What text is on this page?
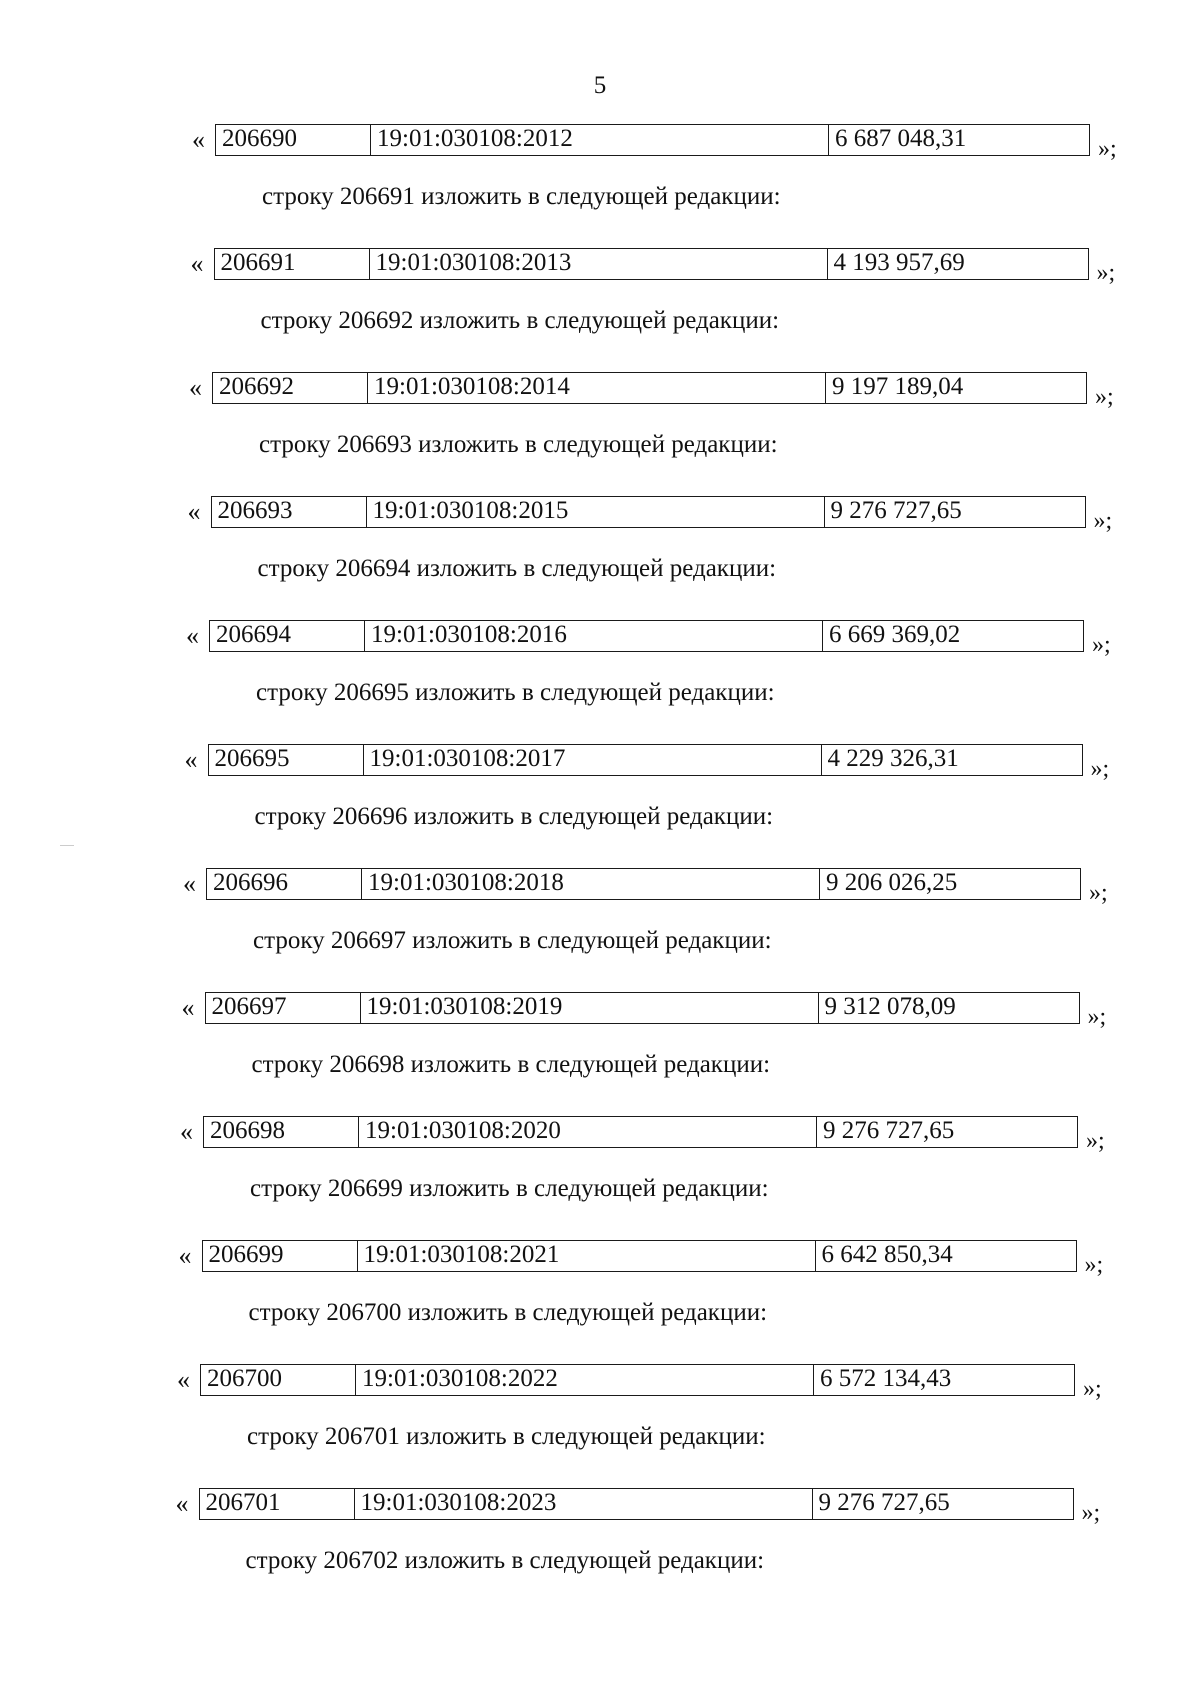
5
« 206690	19:01:030108:2012	6 687 048,31	»;
строку 206691 изложить в следующей редакции:
« 206691	19:01:030108:2013	4 193 957,69	»;
строку 206692 изложить в следующей редакции:
« 206692	19:01:030108:2014	9 197 189,04	»;
строку 206693 изложить в следующей редакции:
« 206693	19:01:030108:2015	9 276 727,65	»;
строку 206694 изложить в следующей редакции:
« 206694	19:01:030108:2016	6 669 369,02	»;
строку 206695 изложить в следующей редакции:
« 206695	19:01:030108:2017	4 229 326,31	»;
строку 206696 изложить в следующей редакции:
« 206696	19:01:030108:2018	9 206 026,25	»;
строку 206697 изложить в следующей редакции:
« 206697	19:01:030108:2019	9 312 078,09	»;
строку 206698 изложить в следующей редакции:
« 206698	19:01:030108:2020	9 276 727,65	»;
строку 206699 изложить в следующей редакции:
« 206699	19:01:030108:2021	6 642 850,34	»;
строку 206700 изложить в следующей редакции:
« 206700	19:01:030108:2022	6 572 134,43	»;
строку 206701 изложить в следующей редакции:
« 206701	19:01:030108:2023	9 276 727,65	»;
строку 206702 изложить в следующей редакции:
